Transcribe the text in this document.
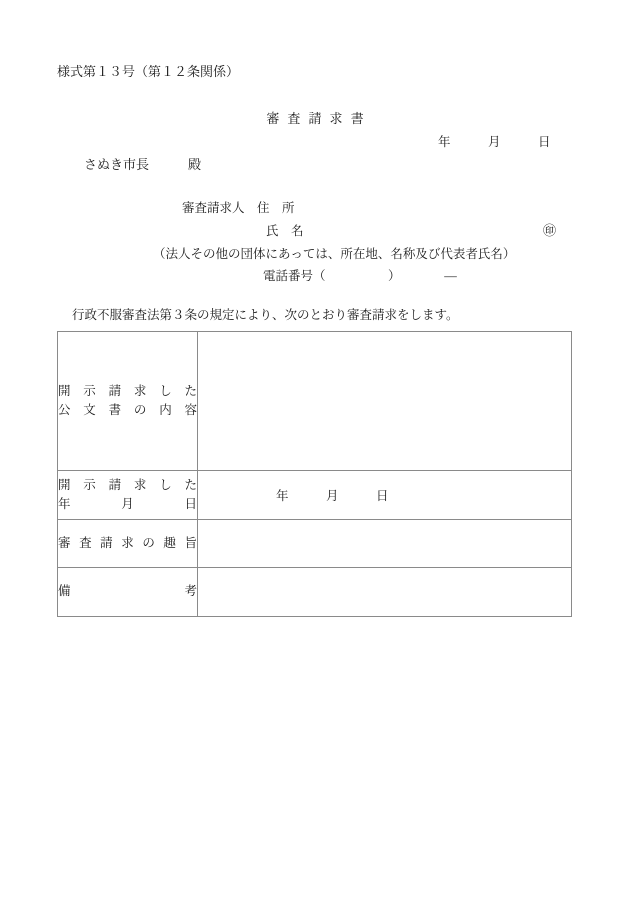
様式第１３号（第１２条関係）
審査請求書
年　　　月　　　日
さぬき市長　　　殿
審査請求人　住　所
氏　名	㊞
（法人その他の団体にあっては、所在地、名称及び代表者氏名）
電話番号（　　　　　）　　　　―
行政不服審査法第３条の規定により、次のとおり審査請求をします。
開示請求した
公文書の内容	

開示請求した
年　月　日	年　　　月　　　日

審査請求の趣旨	

備考	
